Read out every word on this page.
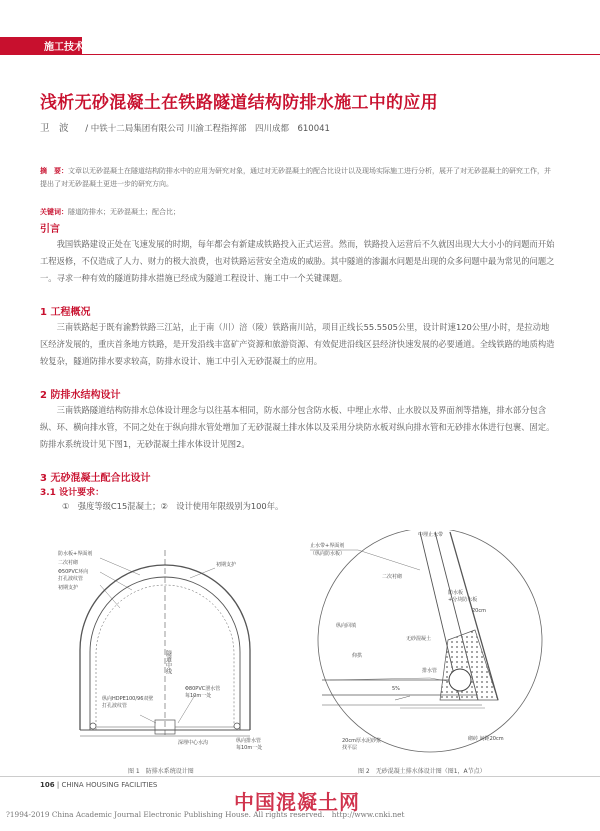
施工技术
浅析无砂混凝土在铁路隧道结构防排水施工中的应用
卫　波 / 中铁十二局集团有限公司 川渝工程指挥部　四川成都　610041
摘　要：文章以无砂混凝土在隧道结构防排水中的应用为研究对象，通过对无砂混凝土的配合比设计以及现场实际施工进行分析，展开了对无砂混凝土的研究工作，并提出了对无砂混凝土更进一步的研究方向。
关键词：隧道防排水；无砂混凝土；配合比；
引言
我国铁路建设正处在飞速发展的时期，每年都会有新建成铁路投入正式运营。然而，铁路投入运营后不久就因出现大大小小的问题而开始工程返修，不仅造成了人力、财力的极大浪费，也对铁路运营安全造成的威胁。其中隧道的渗漏水问题是出现的众多问题中最为常见的问题之一。寻求一种有效的隧道防排水措施已经成为隧道工程设计、施工中一个关键课题。
1 工程概况
三南铁路起于既有渝黔铁路三江站，止于南（川）涪（陵）铁路南川站，项目正线长55.5505公里，设计时速120公里/小时，是拉动地区经济发展的，重庆首条地方铁路，是开发沿线丰富矿产资源和旅游资源、有效促进沿线区县经济快速发展的必要通道。全线铁路的地质构造较复杂，隧道防排水要求较高，防排水设计、施工中引入无砂混凝土的应用。
2 防排水结构设计
三南铁路隧道结构防排水总体设计理念与以往基本相同，防水部分包含防水板、中埋止水带、止水胶以及界面剂等措施，排水部分包含纵、环、横向排水管，不同之处在于纵向排水管处增加了无砂混凝土排水体以及采用分块防水板对纵向排水管和无砂排水体进行包裹、固定。防排水系统设计见下图1，无砂混凝土排水体设计见图2。
3 无砂混凝土配合比设计
3.1 设计要求：
①　强度等级C15混凝土；②　设计使用年限级别为100年。
防水板+界面剂
二次衬砌
Φ50PVC环向
打孔波纹管
初期支护
初期支护
隧道中线
纵向HDPE100/96双壁
打孔波纹管
Φ80PVC泄水管
每10m一处
深埋中心水沟	纵向排水管
每10m一处
图 1　防排水系统设计图
中埋止水带
止水带+界面剂
（纵向防水板）
二次衬砌
防水板
+分块防水板
20cm
纵向回填
无砂混凝土
仰拱
排水管
20cm厚水泥砂浆
找平层
砌砖 间距20cm
5%
图 2　无砂混凝土排水体设计图（图1，A节点）
106 | CHINA HOUSING FACILITIES
中国混凝土网
?1994-2019 China Academic Journal Electronic Publishing House. All rights reserved.　http://www.cnki.net
